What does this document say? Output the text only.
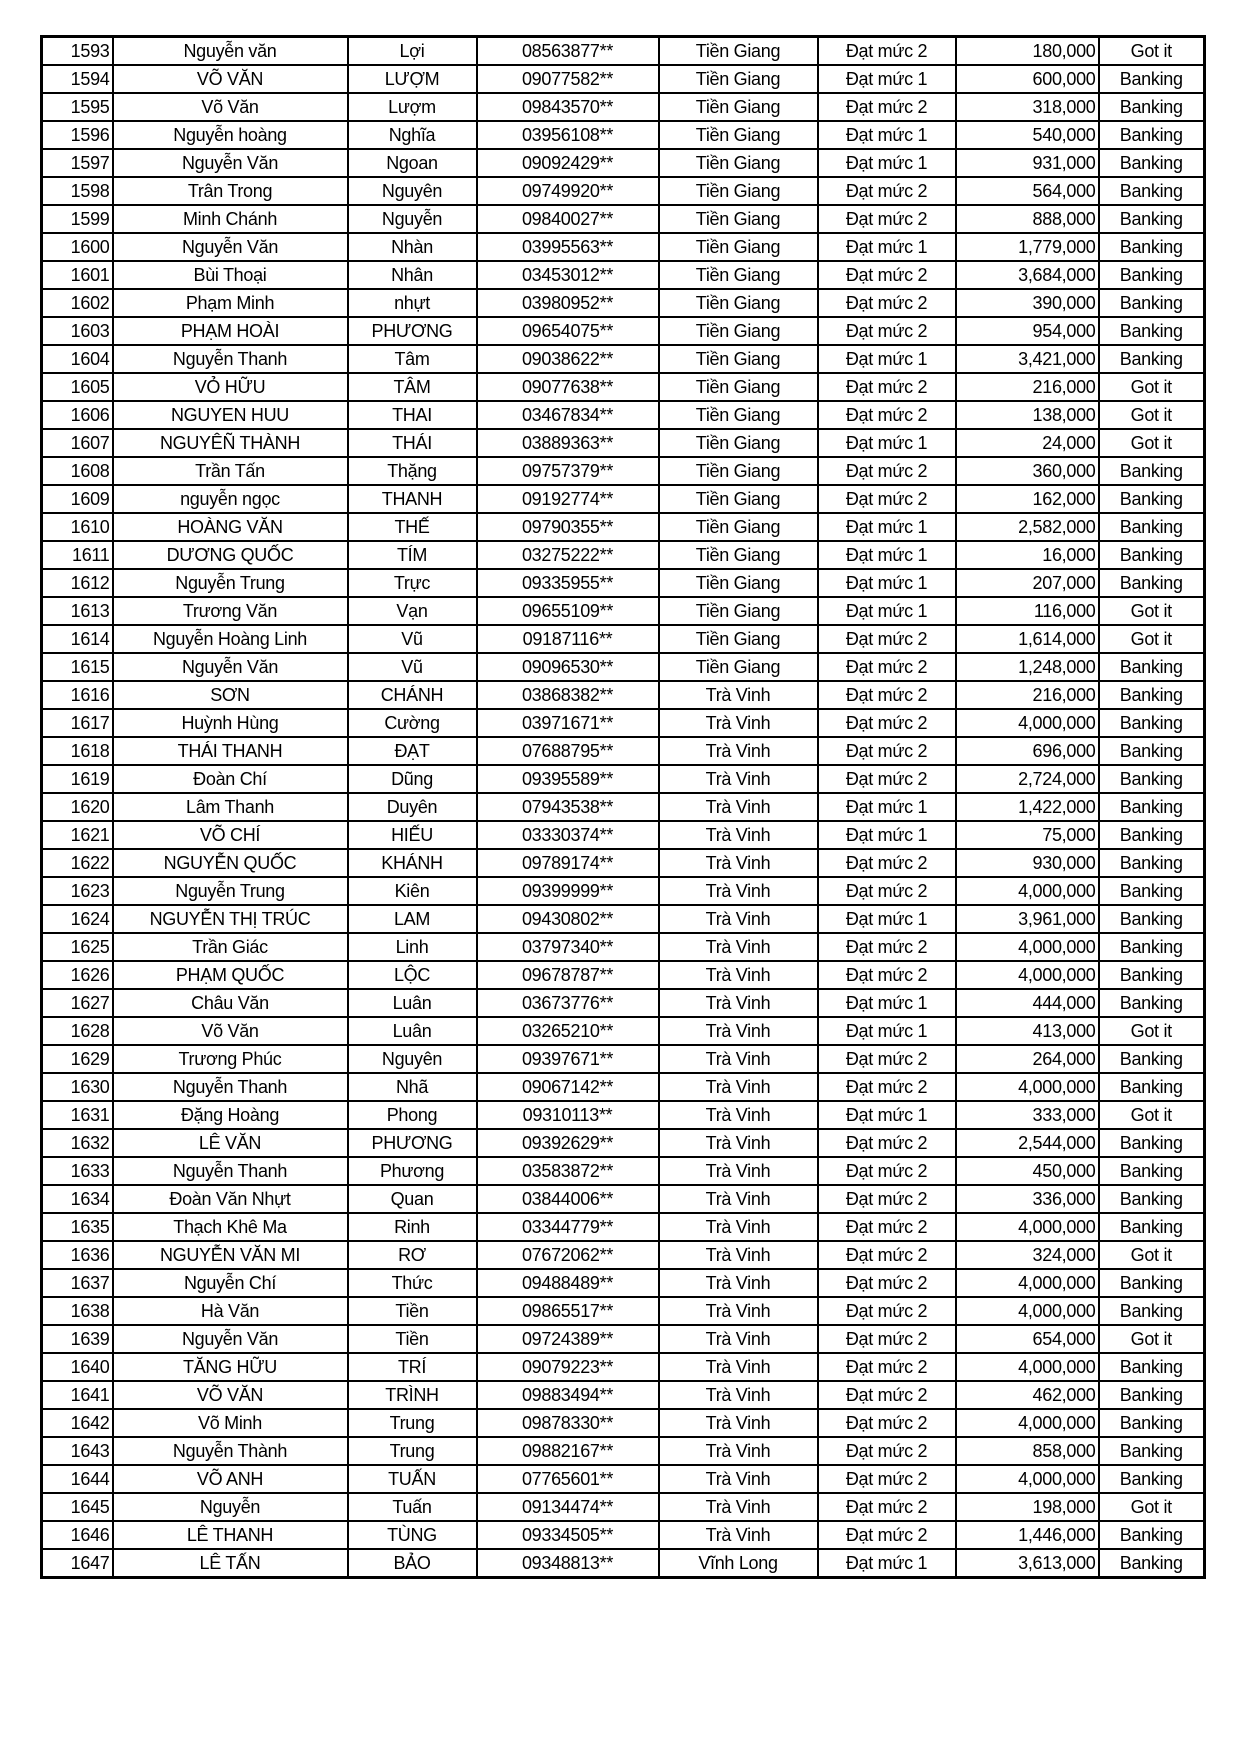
1593	Nguyễn văn	Lợi	08563877**	Tiền Giang	Đạt mức 2	180,000	Got it
1594	VÕ VĂN	LƯỢM	09077582**	Tiền Giang	Đạt mức 1	600,000	Banking
1595	Võ Văn	Lượm	09843570**	Tiền Giang	Đạt mức 2	318,000	Banking
1596	Nguyễn hoàng	Nghĩa	03956108**	Tiền Giang	Đạt mức 1	540,000	Banking
1597	Nguyễn Văn	Ngoan	09092429**	Tiền Giang	Đạt mức 1	931,000	Banking
1598	Trân Trong	Nguyên	09749920**	Tiền Giang	Đạt mức 2	564,000	Banking
1599	Minh Chánh	Nguyễn	09840027**	Tiền Giang	Đạt mức 2	888,000	Banking
1600	Nguyễn Văn	Nhàn	03995563**	Tiền Giang	Đạt mức 1	1,779,000	Banking
1601	Bùi Thoại	Nhân	03453012**	Tiền Giang	Đạt mức 2	3,684,000	Banking
1602	Phạm Minh	nhựt	03980952**	Tiền Giang	Đạt mức 2	390,000	Banking
1603	PHẠM HOÀI	PHƯƠNG	09654075**	Tiền Giang	Đạt mức 2	954,000	Banking
1604	Nguyễn Thanh	Tâm	09038622**	Tiền Giang	Đạt mức 1	3,421,000	Banking
1605	VỎ HỮU	TÂM	09077638**	Tiền Giang	Đạt mức 2	216,000	Got it
1606	NGUYEN HUU	THAI	03467834**	Tiền Giang	Đạt mức 2	138,000	Got it
1607	NGUYÊÑ THÀNH	THÁI	03889363**	Tiền Giang	Đạt mức 1	24,000	Got it
1608	Trần Tấn	Thặng	09757379**	Tiền Giang	Đạt mức 2	360,000	Banking
1609	nguyễn ngọc	THANH	09192774**	Tiền Giang	Đạt mức 2	162,000	Banking
1610	HOÀNG VĂN	THẾ	09790355**	Tiền Giang	Đạt mức 1	2,582,000	Banking
1611	DƯƠNG QUỐC	TÍM	03275222**	Tiền Giang	Đạt mức 1	16,000	Banking
1612	Nguyễn Trung	Trực	09335955**	Tiền Giang	Đạt mức 1	207,000	Banking
1613	Trương Văn	Vạn	09655109**	Tiền Giang	Đạt mức 1	116,000	Got it
1614	Nguyễn Hoàng Linh	Vũ	09187116**	Tiền Giang	Đạt mức 2	1,614,000	Got it
1615	Nguyễn Văn	Vũ	09096530**	Tiền Giang	Đạt mức 2	1,248,000	Banking
1616	SƠN	CHÁNH	03868382**	Trà Vinh	Đạt mức 2	216,000	Banking
1617	Huỳnh Hùng	Cường	03971671**	Trà Vinh	Đạt mức 2	4,000,000	Banking
1618	THÁI THANH	ĐẠT	07688795**	Trà Vinh	Đạt mức 2	696,000	Banking
1619	Đoàn Chí	Dũng	09395589**	Trà Vinh	Đạt mức 2	2,724,000	Banking
1620	Lâm Thanh	Duyên	07943538**	Trà Vinh	Đạt mức 1	1,422,000	Banking
1621	VÕ CHÍ	HIẾU	03330374**	Trà Vinh	Đạt mức 1	75,000	Banking
1622	NGUYỄN QUỐC	KHÁNH	09789174**	Trà Vinh	Đạt mức 2	930,000	Banking
1623	Nguyễn Trung	Kiên	09399999**	Trà Vinh	Đạt mức 2	4,000,000	Banking
1624	NGUYỄN THỊ TRÚC	LAM	09430802**	Trà Vinh	Đạt mức 1	3,961,000	Banking
1625	Trần Giác	Linh	03797340**	Trà Vinh	Đạt mức 2	4,000,000	Banking
1626	PHẠM QUỐC	LỘC	09678787**	Trà Vinh	Đạt mức 2	4,000,000	Banking
1627	Châu Văn	Luân	03673776**	Trà Vinh	Đạt mức 1	444,000	Banking
1628	Võ Văn	Luân	03265210**	Trà Vinh	Đạt mức 1	413,000	Got it
1629	Trương Phúc	Nguyên	09397671**	Trà Vinh	Đạt mức 2	264,000	Banking
1630	Nguyễn Thanh	Nhã	09067142**	Trà Vinh	Đạt mức 2	4,000,000	Banking
1631	Đặng Hoàng	Phong	09310113**	Trà Vinh	Đạt mức 1	333,000	Got it
1632	LÊ VĂN	PHƯƠNG	09392629**	Trà Vinh	Đạt mức 2	2,544,000	Banking
1633	Nguyễn Thanh	Phương	03583872**	Trà Vinh	Đạt mức 2	450,000	Banking
1634	Đoàn Văn Nhựt	Quan	03844006**	Trà Vinh	Đạt mức 2	336,000	Banking
1635	Thạch Khê Ma	Rinh	03344779**	Trà Vinh	Đạt mức 2	4,000,000	Banking
1636	NGUYỄN VĂN MI	RƠ	07672062**	Trà Vinh	Đạt mức 2	324,000	Got it
1637	Nguyễn Chí	Thức	09488489**	Trà Vinh	Đạt mức 2	4,000,000	Banking
1638	Hà Văn	Tiền	09865517**	Trà Vinh	Đạt mức 2	4,000,000	Banking
1639	Nguyễn Văn	Tiền	09724389**	Trà Vinh	Đạt mức 2	654,000	Got it
1640	TĂNG HỮU	TRÍ	09079223**	Trà Vinh	Đạt mức 2	4,000,000	Banking
1641	VÕ VĂN	TRÌNH	09883494**	Trà Vinh	Đạt mức 2	462,000	Banking
1642	Võ Minh	Trung	09878330**	Trà Vinh	Đạt mức 2	4,000,000	Banking
1643	Nguyễn Thành	Trung	09882167**	Trà Vinh	Đạt mức 2	858,000	Banking
1644	VÕ ANH	TUẤN	07765601**	Trà Vinh	Đạt mức 2	4,000,000	Banking
1645	Nguyễn	Tuấn	09134474**	Trà Vinh	Đạt mức 2	198,000	Got it
1646	LÊ THANH	TÙNG	09334505**	Trà Vinh	Đạt mức 2	1,446,000	Banking
1647	LÊ TẤN	BẢO	09348813**	Vĩnh Long	Đạt mức 1	3,613,000	Banking
